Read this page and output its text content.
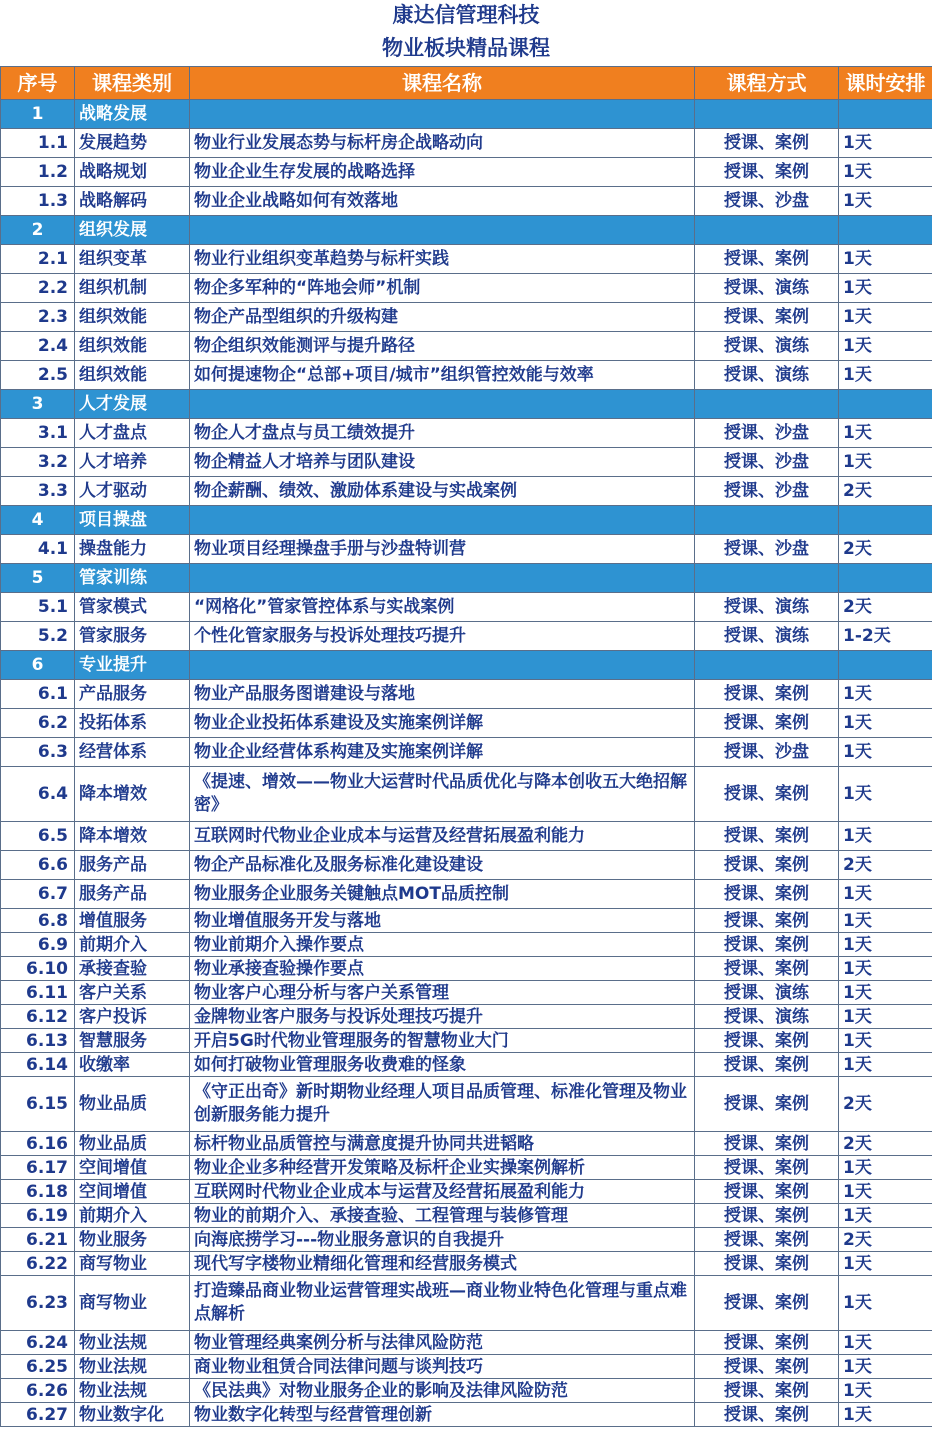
康达信管理科技
物业板块精品课程
序号	课程类别	课程名称	课程方式	课时安排
1	战略发展			
1.1	发展趋势	物业行业发展态势与标杆房企战略动向	授课、案例	1天
1.2	战略规划	物业企业生存发展的战略选择	授课、案例	1天
1.3	战略解码	物业企业战略如何有效落地	授课、沙盘	1天
2	组织发展			
2.1	组织变革	物业行业组织变革趋势与标杆实践	授课、案例	1天
2.2	组织机制	物企多军种的“阵地会师”机制	授课、演练	1天
2.3	组织效能	物企产品型组织的升级构建	授课、案例	1天
2.4	组织效能	物企组织效能测评与提升路径	授课、演练	1天
2.5	组织效能	如何提速物企“总部+项目/城市”组织管控效能与效率	授课、演练	1天
3	人才发展			
3.1	人才盘点	物企人才盘点与员工绩效提升	授课、沙盘	1天
3.2	人才培养	物企精益人才培养与团队建设	授课、沙盘	1天
3.3	人才驱动	物企薪酬、绩效、激励体系建设与实战案例	授课、沙盘	2天
4	项目操盘			
4.1	操盘能力	物业项目经理操盘手册与沙盘特训营	授课、沙盘	2天
5	管家训练			
5.1	管家模式	“网格化”管家管控体系与实战案例	授课、演练	2天
5.2	管家服务	个性化管家服务与投诉处理技巧提升	授课、演练	1-2天
6	专业提升			
6.1	产品服务	物业产品服务图谱建设与落地	授课、案例	1天
6.2	投拓体系	物业企业投拓体系建设及实施案例详解	授课、案例	1天
6.3	经营体系	物业企业经营体系构建及实施案例详解	授课、沙盘	1天
6.4	降本增效	《提速、增效——物业大运营时代品质优化与降本创收五大绝招解密》	授课、案例	1天
6.5	降本增效	互联网时代物业企业成本与运营及经营拓展盈利能力	授课、案例	1天
6.6	服务产品	物企产品标准化及服务标准化建设建设	授课、案例	2天
6.7	服务产品	物业服务企业服务关键触点MOT品质控制	授课、案例	1天
6.8	增值服务	物业增值服务开发与落地	授课、案例	1天
6.9	前期介入	物业前期介入操作要点	授课、案例	1天
6.10	承接查验	物业承接查验操作要点	授课、案例	1天
6.11	客户关系	物业客户心理分析与客户关系管理	授课、演练	1天
6.12	客户投诉	金牌物业客户服务与投诉处理技巧提升	授课、演练	1天
6.13	智慧服务	开启5G时代物业管理服务的智慧物业大门	授课、案例	1天
6.14	收缴率	如何打破物业管理服务收费难的怪象	授课、案例	1天
6.15	物业品质	《守正出奇》新时期物业经理人项目品质管理、标准化管理及物业创新服务能力提升	授课、案例	2天
6.16	物业品质	标杆物业品质管控与满意度提升协同共进韬略	授课、案例	2天
6.17	空间增值	物业企业多种经营开发策略及标杆企业实操案例解析	授课、案例	1天
6.18	空间增值	互联网时代物业企业成本与运营及经营拓展盈利能力	授课、案例	1天
6.19	前期介入	物业的前期介入、承接查验、工程管理与装修管理	授课、案例	1天
6.21	物业服务	向海底捞学习---物业服务意识的自我提升	授课、案例	2天
6.22	商写物业	现代写字楼物业精细化管理和经营服务模式	授课、案例	1天
6.23	商写物业	打造臻品商业物业运营管理实战班—商业物业特色化管理与重点难点解析	授课、案例	1天
6.24	物业法规	物业管理经典案例分析与法律风险防范	授课、案例	1天
6.25	物业法规	商业物业租赁合同法律问题与谈判技巧	授课、案例	1天
6.26	物业法规	《民法典》对物业服务企业的影响及法律风险防范	授课、案例	1天
6.27	物业数字化	物业数字化转型与经营管理创新	授课、案例	1天
